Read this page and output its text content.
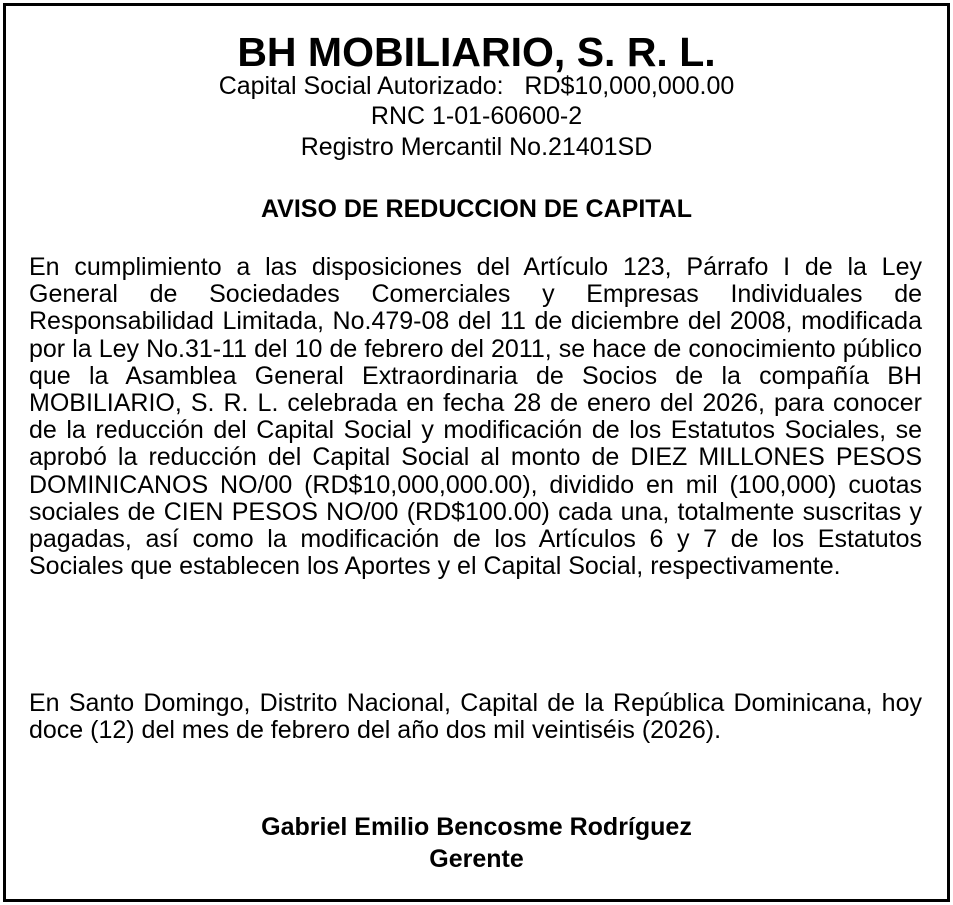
BH MOBILIARIO, S. R. L.
Capital Social Autorizado:   RD$10,000,000.00
RNC 1-01-60600-2
Registro Mercantil No.21401SD
AVISO DE REDUCCION DE CAPITAL

En cumplimiento a las disposiciones del Artículo 123, Párrafo I de la Ley General de Sociedades Comerciales y Empresas Individuales de Responsabilidad Limitada, No.479-08 del 11 de diciembre del 2008, modificada por la Ley No.31-11 del 10 de febrero del 2011, se hace de conocimiento público que la Asamblea General Extraordinaria de Socios de la compañía BH MOBILIARIO, S. R. L. celebrada en fecha 28 de enero del 2026, para conocer de la reducción del Capital Social y modificación de los Estatutos Sociales, se aprobó la reducción del Capital Social al monto de DIEZ MILLONES PESOS DOMINICANOS NO/00 (RD$10,000,000.00), dividido en mil (100,000) cuotas sociales de CIEN PESOS NO/00 (RD$100.00) cada una, totalmente suscritas y pagadas, así como la modificación de los Artículos 6 y 7 de los Estatutos Sociales que establecen los Aportes y el Capital Social, respectivamente.

En Santo Domingo, Distrito Nacional, Capital de la República Dominicana, hoy doce (12) del mes de febrero del año dos mil veintiséis (2026).

Gabriel Emilio Bencosme Rodríguez
Gerente
